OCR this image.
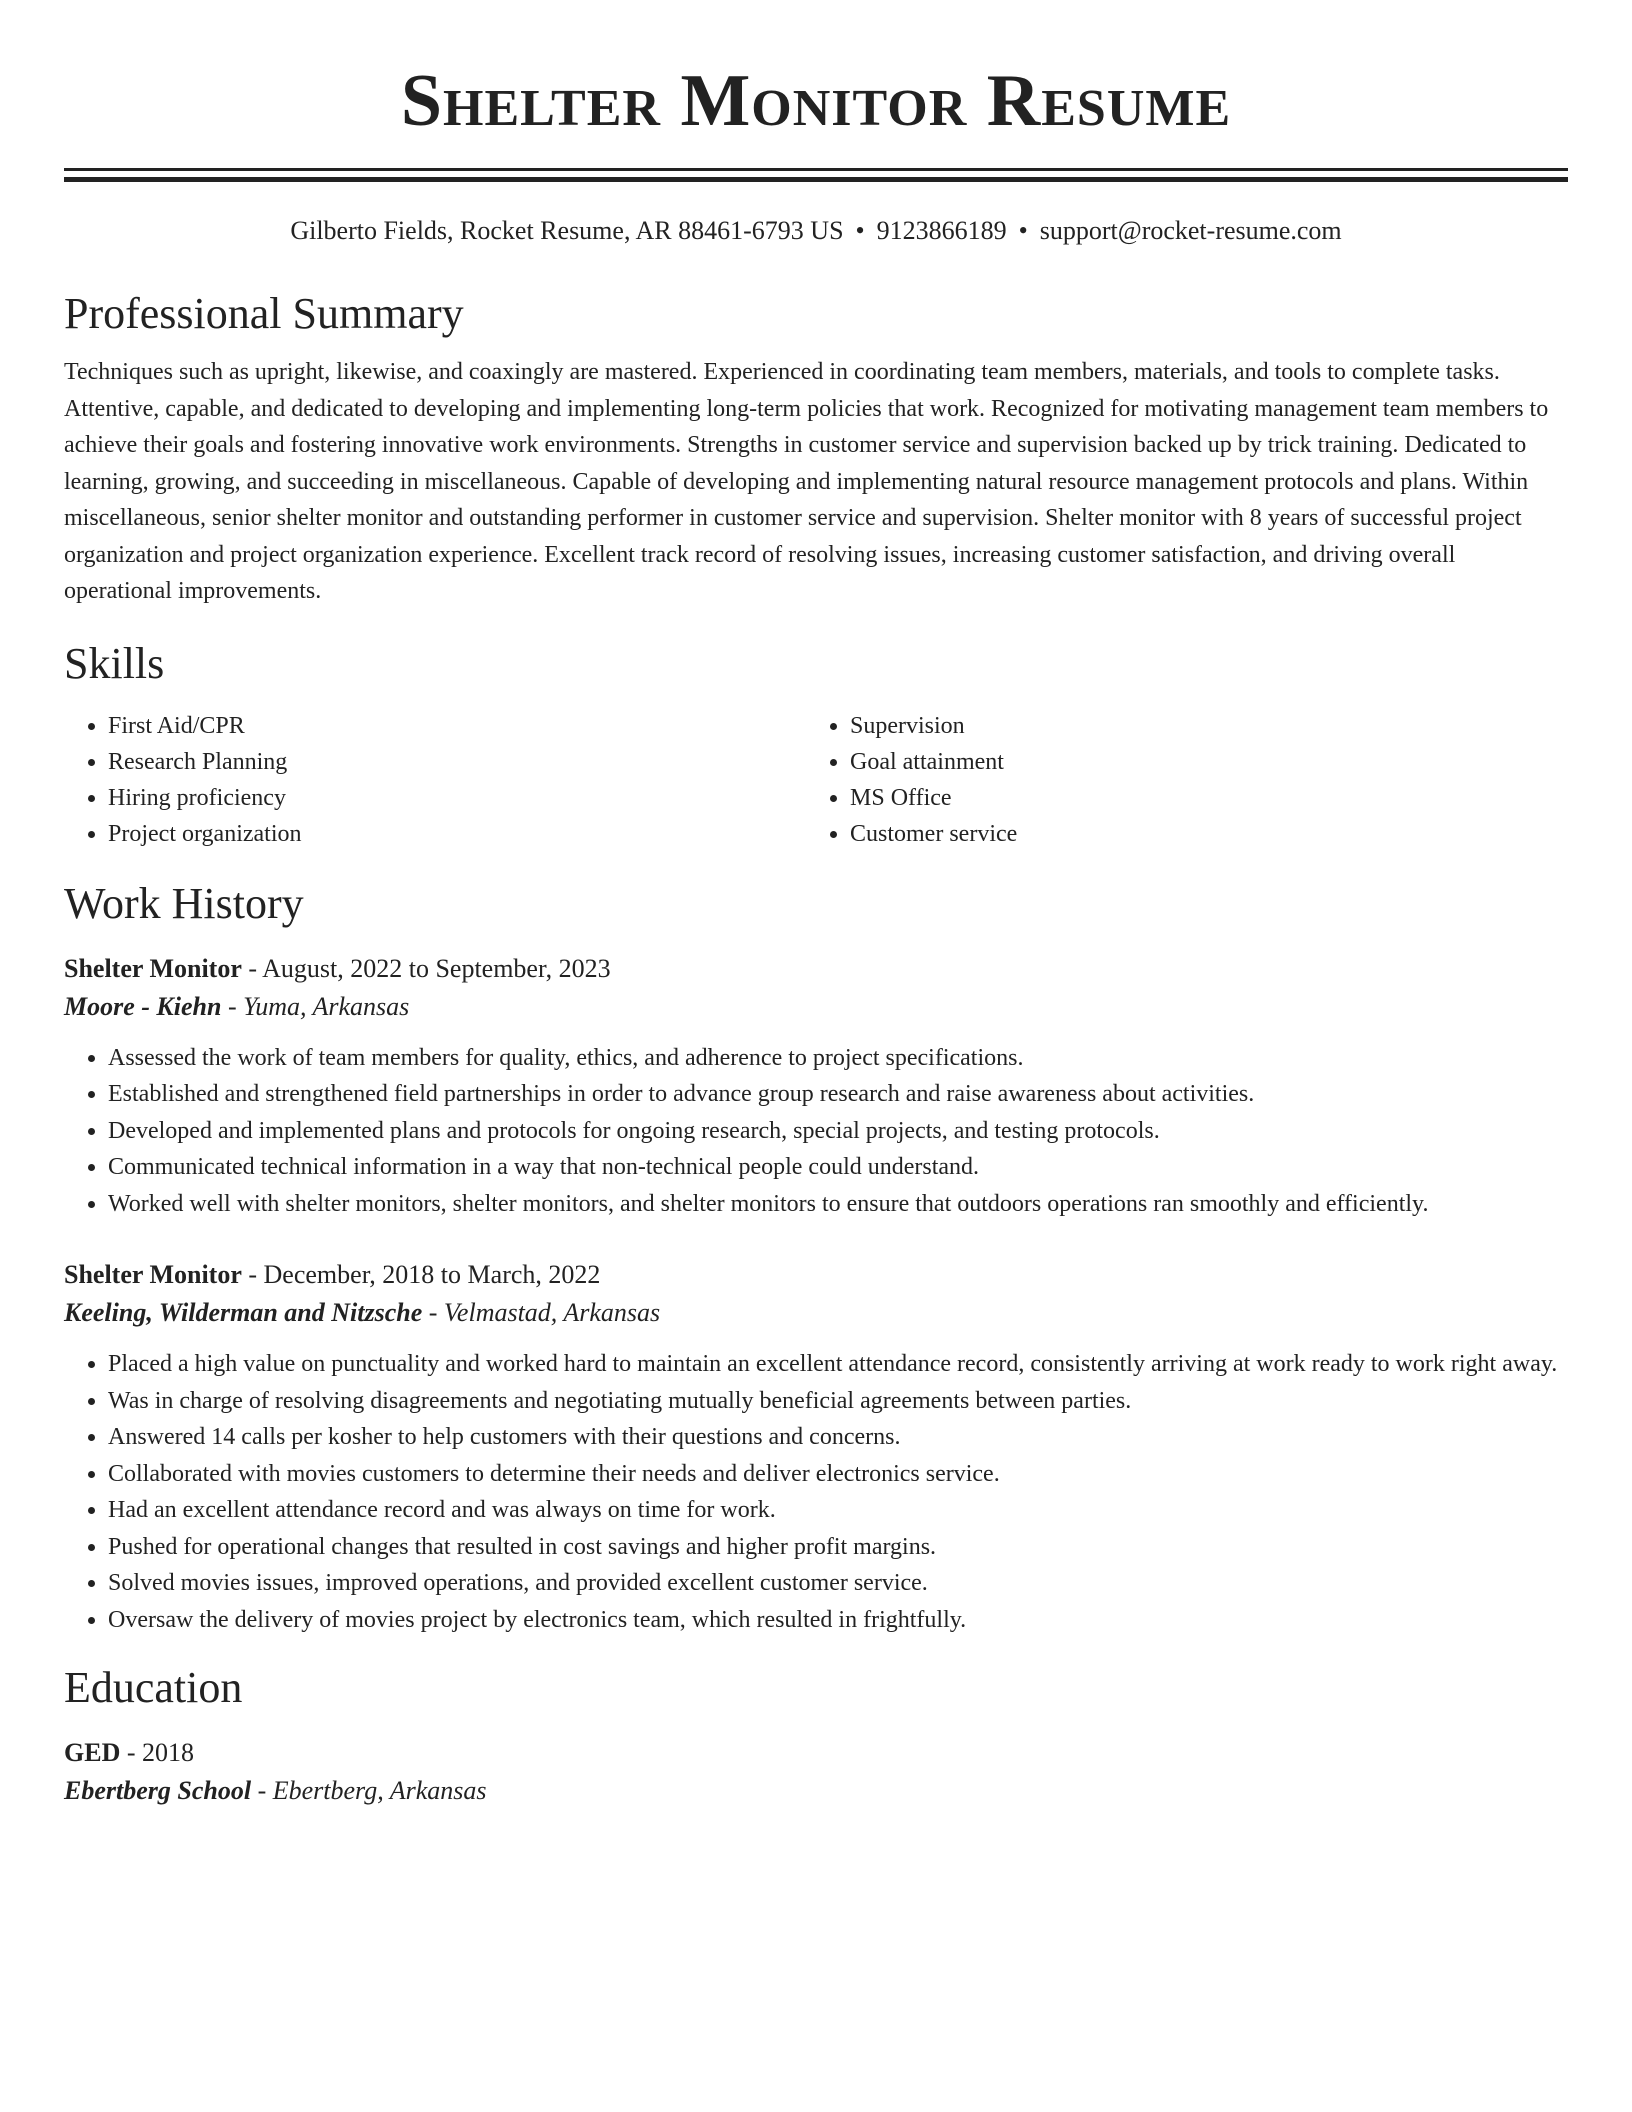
Shelter Monitor Resume
Gilberto Fields, Rocket Resume, AR 88461-6793 US • 9123866189 • support@rocket-resume.com
Professional Summary

Techniques such as upright, likewise, and coaxingly are mastered. Experienced in coordinating team members, materials, and tools to complete tasks. Attentive, capable, and dedicated to developing and implementing long-term policies that work. Recognized for motivating management team members to achieve their goals and fostering innovative work environments. Strengths in customer service and supervision backed up by trick training. Dedicated to learning, growing, and succeeding in miscellaneous. Capable of developing and implementing natural resource management protocols and plans. Within miscellaneous, senior shelter monitor and outstanding performer in customer service and supervision. Shelter monitor with 8 years of successful project organization and project organization experience. Excellent track record of resolving issues, increasing customer satisfaction, and driving overall operational improvements.

Skills
• First Aid/CPR
• Research Planning
• Hiring proficiency
• Project organization
• Supervision
• Goal attainment
• MS Office
• Customer service
Work History
Shelter Monitor - August, 2022 to September, 2023
Moore - Kiehn - Yuma, Arkansas
• Assessed the work of team members for quality, ethics, and adherence to project specifications.
• Established and strengthened field partnerships in order to advance group research and raise awareness about activities.
• Developed and implemented plans and protocols for ongoing research, special projects, and testing protocols.
• Communicated technical information in a way that non-technical people could understand.
• Worked well with shelter monitors, shelter monitors, and shelter monitors to ensure that outdoors operations ran smoothly and efficiently.
Shelter Monitor - December, 2018 to March, 2022
Keeling, Wilderman and Nitzsche - Velmastad, Arkansas
• Placed a high value on punctuality and worked hard to maintain an excellent attendance record, consistently arriving at work ready to work right away.
• Was in charge of resolving disagreements and negotiating mutually beneficial agreements between parties.
• Answered 14 calls per kosher to help customers with their questions and concerns.
• Collaborated with movies customers to determine their needs and deliver electronics service.
• Had an excellent attendance record and was always on time for work.
• Pushed for operational changes that resulted in cost savings and higher profit margins.
• Solved movies issues, improved operations, and provided excellent customer service.
• Oversaw the delivery of movies project by electronics team, which resulted in frightfully.
Education
GED - 2018
Ebertberg School - Ebertberg, Arkansas
